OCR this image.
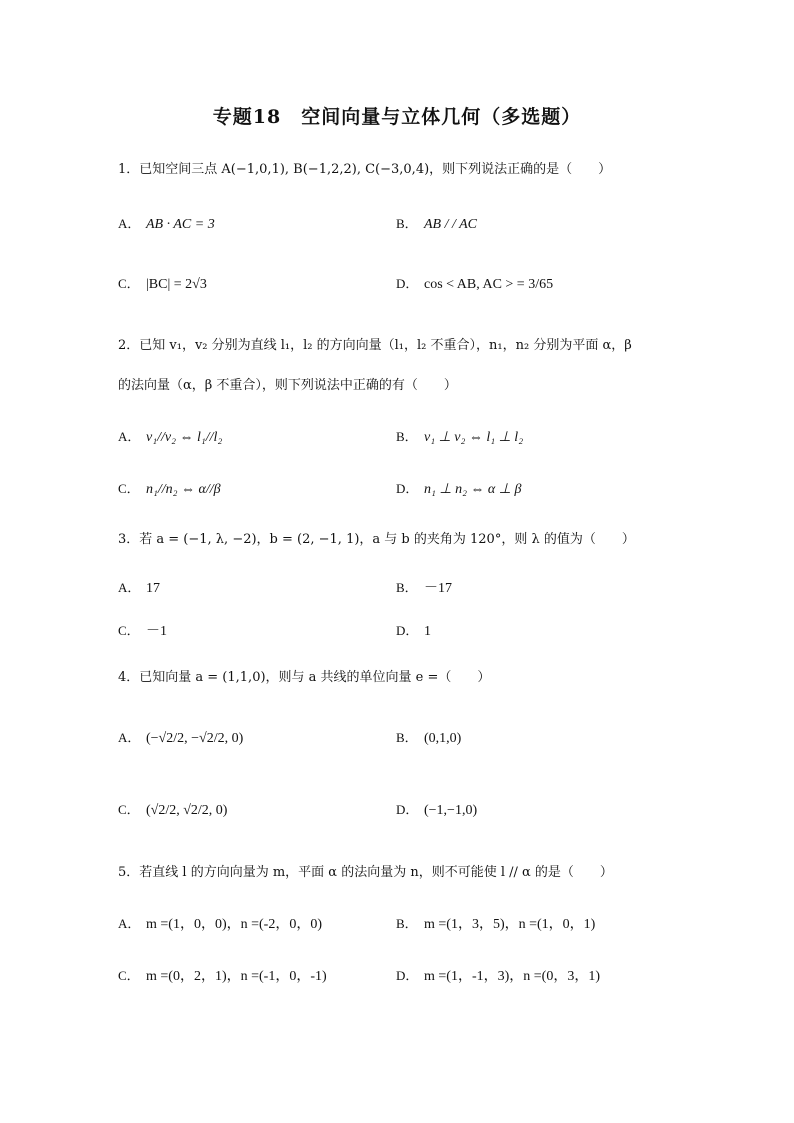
专题18　空间向量与立体几何（多选题）
1．已知空间三点 A(−1,0,1), B(−1,2,2), C(−3,0,4)，则下列说法正确的是（　　）
A． AB · AC = 3	B． AB / / AC
C． |BC| = 2√3	D． cos < AB, AC > = 3/65
2．已知 v₁，v₂ 分别为直线 l₁，l₂ 的方向向量（l₁，l₂ 不重合），n₁，n₂ 分别为平面 α，β
的法向量（α，β 不重合），则下列说法中正确的有（　　）
A． v₁//v₂ ⇔ l₁//l₂	B． v₁ ⊥ v₂ ⇔ l₁ ⊥ l₂
C． n₁//n₂ ⇔ α//β	D． n₁ ⊥ n₂ ⇔ α ⊥ β
3．若 a = (−1, λ, −2)，b = (2, −1, 1)，a 与 b 的夹角为 120°，则 λ 的值为（　　）
A． 17	B． －17
C． －1	D． 1
4．已知向量 a = (1,1,0)，则与 a 共线的单位向量 e =（　　）
A． (−√2/2, −√2/2, 0)	B． (0,1,0)
C． (√2/2, √2/2, 0)	D． (−1,−1,0)
5．若直线 l 的方向向量为 m，平面 α 的法向量为 n，则不可能使 l // α 的是（　　）
A． m =(1，0，0)，n =(-2，0，0)	B． m =(1，3，5)，n =(1，0，1)
C． m =(0，2，1)，n =(-1，0，-1)	D． m =(1，-1，3)，n =(0，3，1)
